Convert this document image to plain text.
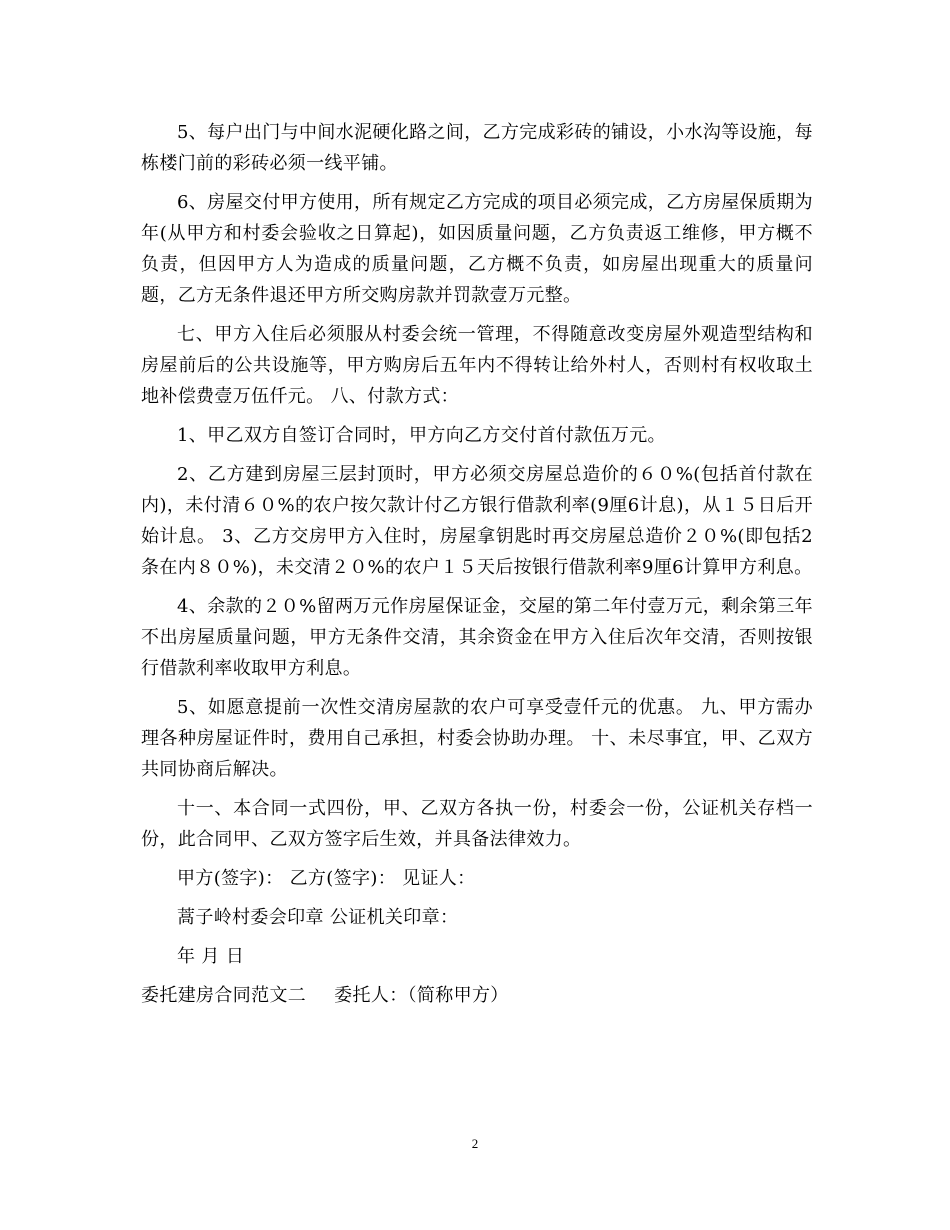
5、每户出门与中间水泥硬化路之间，乙方完成彩砖的铺设，小水沟等设施，每栋楼门前的彩砖必须一线平铺。

6、房屋交付甲方使用，所有规定乙方完成的项目必须完成，乙方房屋保质期为年(从甲方和村委会验收之日算起)，如因质量问题，乙方负责返工维修，甲方概不负责，但因甲方人为造成的质量问题，乙方概不负责，如房屋出现重大的质量问题，乙方无条件退还甲方所交购房款并罚款壹万元整。

七、甲方入住后必须服从村委会统一管理，不得随意改变房屋外观造型结构和房屋前后的公共设施等，甲方购房后五年内不得转让给外村人，否则村有权收取土地补偿费壹万伍仟元。 八、付款方式：

1、甲乙双方自签订合同时，甲方向乙方交付首付款伍万元。

2、乙方建到房屋三层封顶时，甲方必须交房屋总造价的６０%(包括首付款在内)，未付清６０%的农户按欠款计付乙方银行借款利率(9厘6计息)，从１５日后开始计息。 3、乙方交房甲方入住时，房屋拿钥匙时再交房屋总造价２０%(即包括2条在内８０%)，未交清２０%的农户１５天后按银行借款利率9厘6计算甲方利息。

4、余款的２０%留两万元作房屋保证金，交屋的第二年付壹万元，剩余第三年不出房屋质量问题，甲方无条件交清，其余资金在甲方入住后次年交清，否则按银行借款利率收取甲方利息。

5、如愿意提前一次性交清房屋款的农户可享受壹仟元的优惠。 九、甲方需办理各种房屋证件时，费用自己承担，村委会协助办理。 十、未尽事宜，甲、乙双方共同协商后解决。

十一、本合同一式四份，甲、乙双方各执一份，村委会一份，公证机关存档一份，此合同甲、乙双方签字后生效，并具备法律效力。

甲方(签字)： 乙方(签字)： 见证人：

蒿子岭村委会印章 公证机关印章：

年 月 日

委托建房合同范文二 委托人：（简称甲方）

2
